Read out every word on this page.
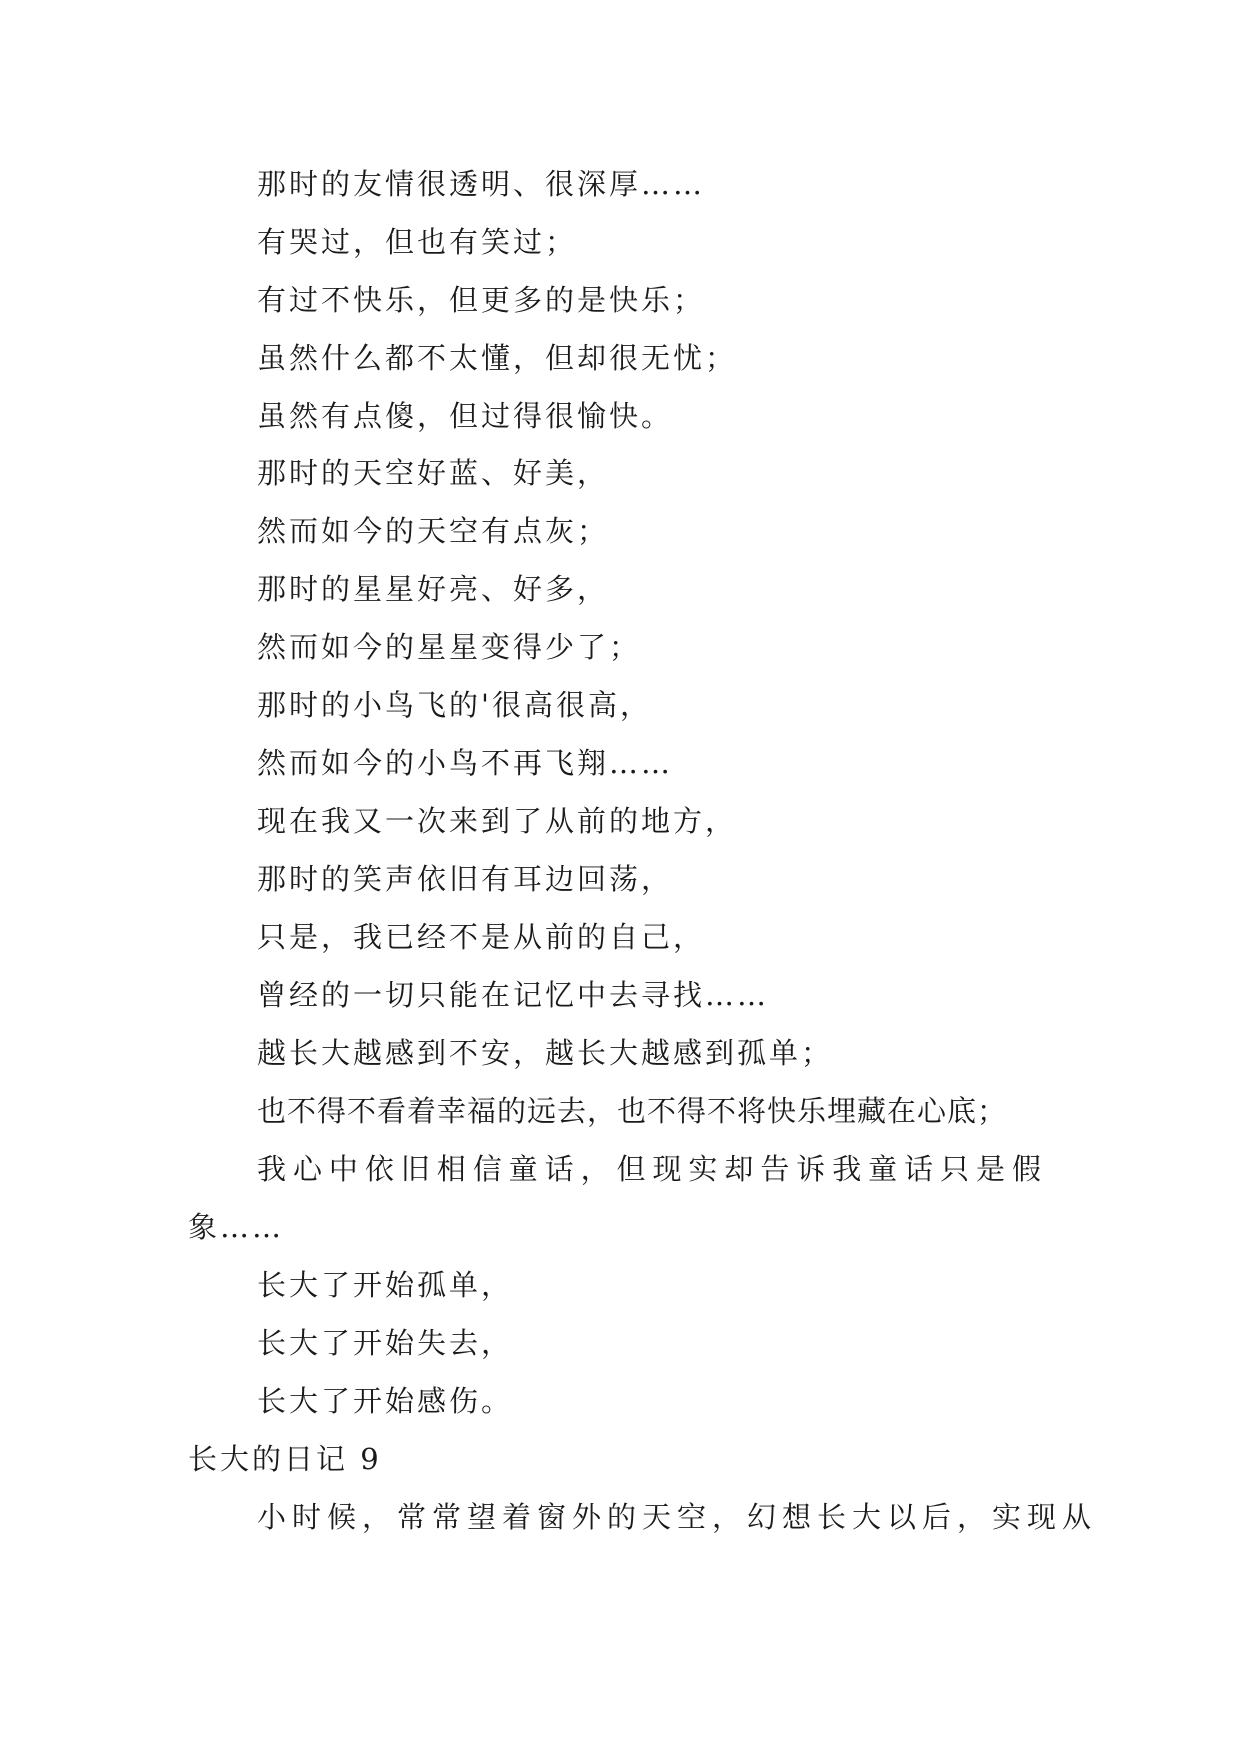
那时的友情很透明、很深厚……
有哭过，但也有笑过；
有过不快乐，但更多的是快乐；
虽然什么都不太懂，但却很无忧；
虽然有点傻，但过得很愉快。
那时的天空好蓝、好美，
然而如今的天空有点灰；
那时的星星好亮、好多，
然而如今的星星变得少了；
那时的小鸟飞的'很高很高，
然而如今的小鸟不再飞翔……
现在我又一次来到了从前的地方，
那时的笑声依旧有耳边回荡，
只是，我已经不是从前的自己，
曾经的一切只能在记忆中去寻找……
越长大越感到不安，越长大越感到孤单；
也不得不看着幸福的远去，也不得不将快乐埋藏在心底；
我心中依旧相信童话，但现实却告诉我童话只是假
象……
长大了开始孤单，
长大了开始失去，
长大了开始感伤。
长大的日记 9
小时候，常常望着窗外的天空，幻想长大以后，实现从
